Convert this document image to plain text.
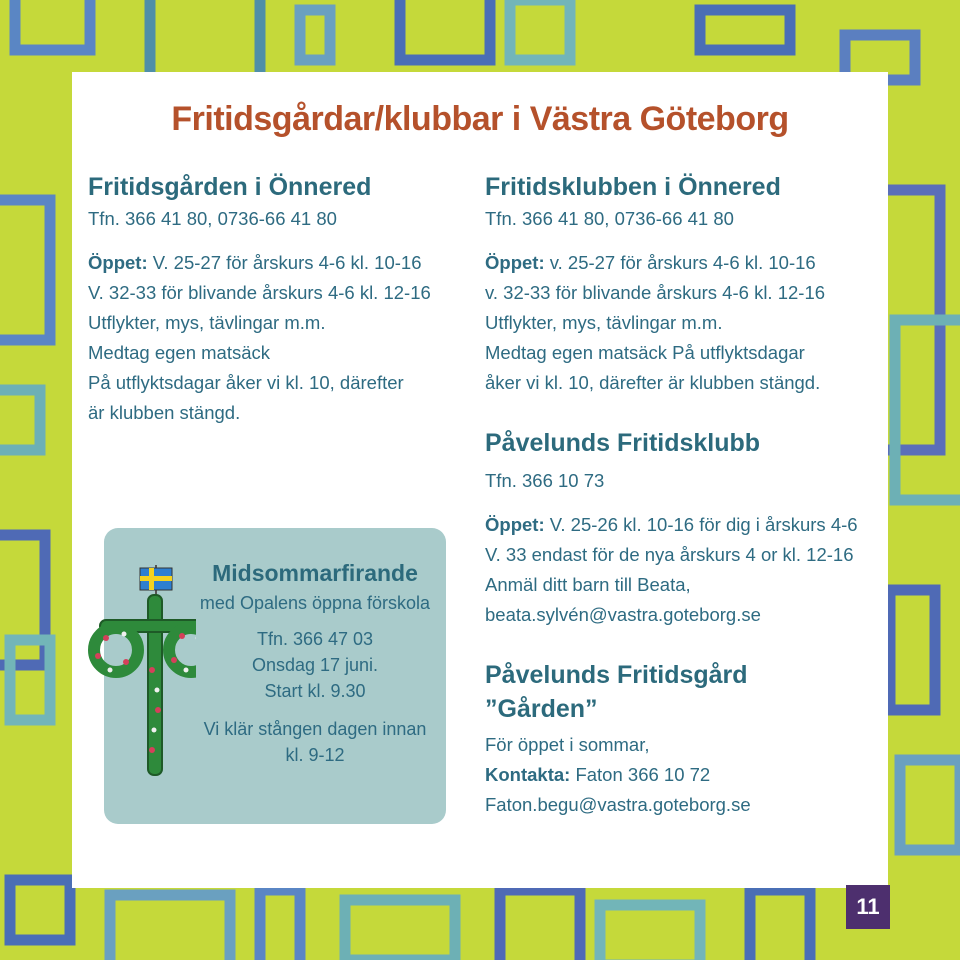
Fritidsgårdar/klubbar i Västra Göteborg
Fritidsgården i Önnered

Tfn. 366 41 80, 0736-66 41 80

Öppet: V. 25-27 för årskurs 4-6 kl. 10-16

V. 32-33 för blivande årskurs 4-6 kl. 12-16

Utflykter, mys, tävlingar m.m.

Medtag egen matsäck

På utflyktsdagar åker vi kl. 10, därefter

är klubben stängd.

Midsommarfirande

med Opalens öppna förskola

Tfn. 366 47 03

Onsdag 17 juni.

Start kl. 9.30

Vi klär stången dagen innan

kl. 9-12

Fritidsklubben i Önnered

Tfn. 366 41 80, 0736-66 41 80

Öppet: v. 25-27 för årskurs 4-6 kl. 10-16

v. 32-33 för blivande årskurs 4-6 kl. 12-16

Utflykter, mys, tävlingar m.m.

Medtag egen matsäck På utflyktsdagar

åker vi kl. 10, därefter är klubben stängd.

Påvelunds Fritidsklubb

Tfn. 366 10 73

Öppet: V. 25-26 kl. 10-16 för dig i årskurs 4-6

V. 33 endast för de nya årskurs 4 or kl. 12-16

Anmäl ditt barn till Beata,

beata.sylvén@vastra.goteborg.se

Påvelunds Fritidsgård
”Gården”

För öppet i sommar,

Kontakta: Faton 366 10 72

Faton.begu@vastra.goteborg.se

11
